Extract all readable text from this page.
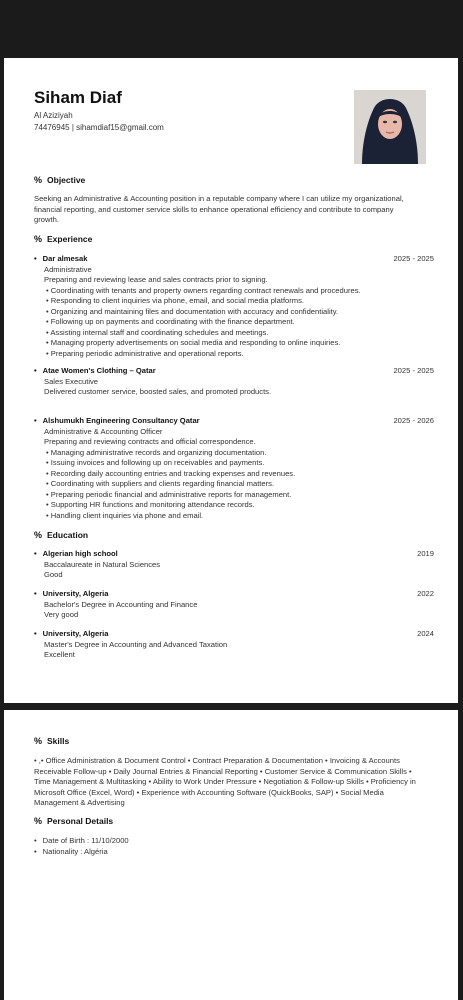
Siham Diaf
Al Aziziyah
74476945 | sihamdiaf15@gmail.com
% Objective
Seeking an Administrative & Accounting position in a reputable company where I can utilize my organizational, financial reporting, and customer service skills to enhance operational efficiency and contribute to company growth.
% Experience
• Dar almesak	2025 - 2025
Administrative
Preparing and reviewing lease and sales contracts prior to signing.
• Coordinating with tenants and property owners regarding contract renewals and procedures.
• Responding to client inquiries via phone, email, and social media platforms.
• Organizing and maintaining files and documentation with accuracy and confidentiality.
• Following up on payments and coordinating with the finance department.
• Assisting internal staff and coordinating schedules and meetings.
• Managing property advertisements on social media and responding to online inquiries.
• Preparing periodic administrative and operational reports.
• Atae Women's Clothing – Qatar	2025 - 2025
Sales Executive
Delivered customer service, boosted sales, and promoted products.
• Alshumukh Engineering Consultancy Qatar	2025 - 2026
Administrative & Accounting Officer
Preparing and reviewing contracts and official correspondence.
• Managing administrative records and organizing documentation.
• Issuing invoices and following up on receivables and payments.
• Recording daily accounting entries and tracking expenses and revenues.
• Coordinating with suppliers and clients regarding financial matters.
• Preparing periodic financial and administrative reports for management.
• Supporting HR functions and monitoring attendance records.
• Handling client inquiries via phone and email.
% Education
• Algerian high school	2019
Baccalaureate in Natural Sciences
Good
• University, Algeria	2022
Bachelor's Degree in Accounting and Finance
Very good
• University, Algeria	2024
Master's Degree in Accounting and Advanced Taxation
Excellent
% Skills
• ,• Office Administration & Document Control • Contract Preparation & Documentation • Invoicing & Accounts Receivable Follow-up • Daily Journal Entries & Financial Reporting • Customer Service & Communication Skills • Time Management & Multitasking • Ability to Work Under Pressure • Negotiation & Follow-up Skills • Proficiency in Microsoft Office (Excel, Word) • Experience with Accounting Software (QuickBooks, SAP) • Social Media Management & Advertising
% Personal Details
• Date of Birth : 11/10/2000
• Nationality : Algéria
